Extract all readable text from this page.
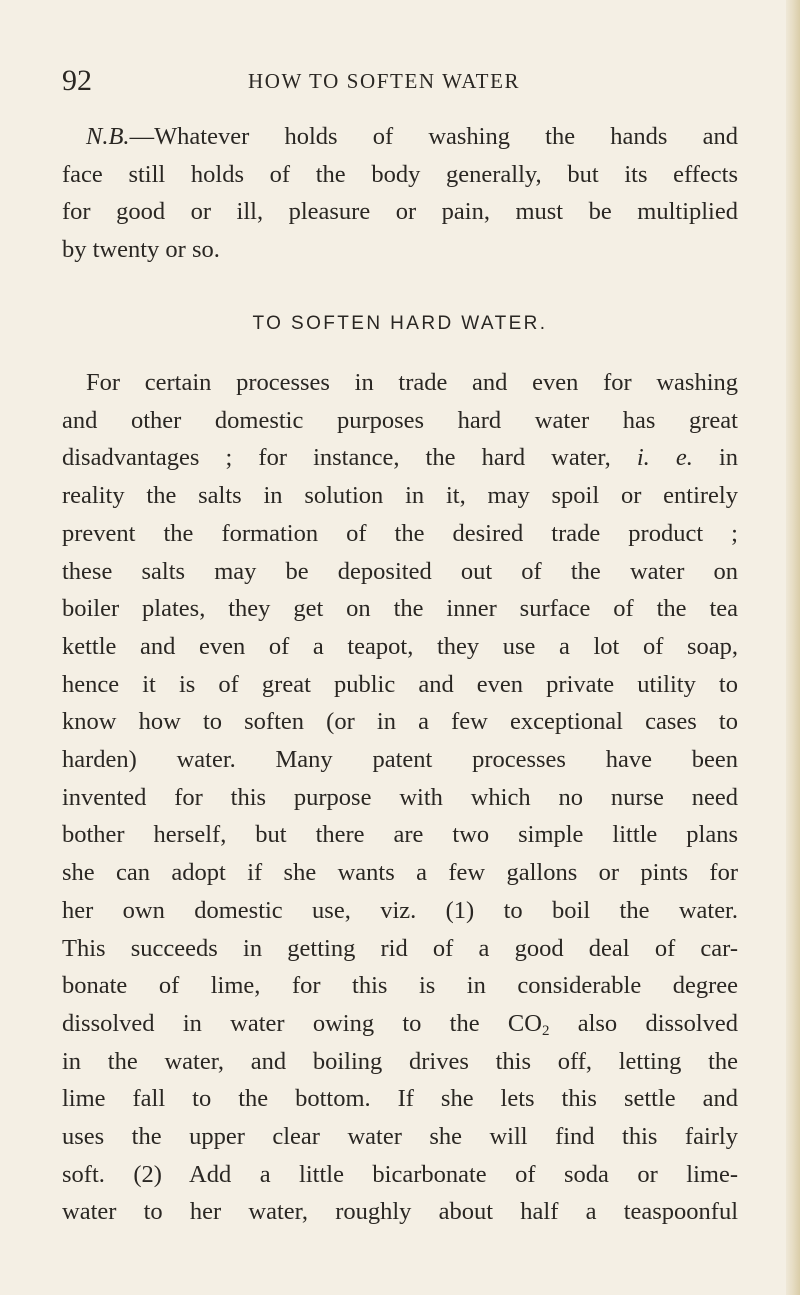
92	HOW TO SOFTEN WATER

N.B.—Whatever holds of washing the hands and
face still holds of the body generally, but its effects
for good or ill, pleasure or pain, must be multiplied
by twenty or so.

TO SOFTEN HARD WATER.

For certain processes in trade and even for washing
and other domestic purposes hard water has great
disadvantages ; for instance, the hard water, i. e. in
reality the salts in solution in it, may spoil or entirely
prevent the formation of the desired trade product ;
these salts may be deposited out of the water on
boiler plates, they get on the inner surface of the tea
kettle and even of a teapot, they use a lot of soap,
hence it is of great public and even private utility to
know how to soften (or in a few exceptional cases to
harden) water. Many patent processes have been
invented for this purpose with which no nurse need
bother herself, but there are two simple little plans
she can adopt if she wants a few gallons or pints for
her own domestic use, viz. (1) to boil the water.
This succeeds in getting rid of a good deal of car-
bonate of lime, for this is in considerable degree
dissolved in water owing to the $CO_2$ also dissolved
in the water, and boiling drives this off, letting the
lime fall to the bottom. If she lets this settle and
uses the upper clear water she will find this fairly
soft. (2) Add a little bicarbonate of soda or lime-
water to her water, roughly about half a teaspoonful
